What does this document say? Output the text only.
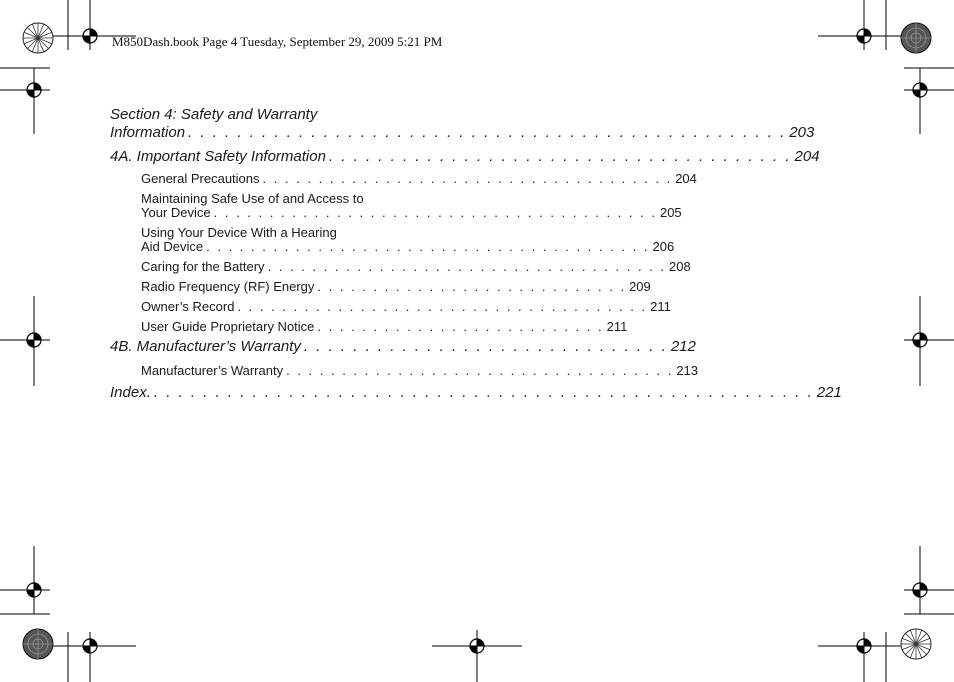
M850Dash.book Page 4 Tuesday, September 29, 2009 5:21 PM
Section 4: Safety and Warranty
Information . . . . . . . . . . . . . . . . . . . . . . . . . . . . . . . . . . . . . . . . . . . . . . . . . 203
4A. Important Safety Information . . . . . . . . . . . . . . . . . . . . . . . . . . . . . . . . . . . . . . 204
General Precautions . . . . . . . . . . . . . . . . . . . . . . . . . . . . . . . . . . . . . 204
Maintaining Safe Use of and Access to
Your Device . . . . . . . . . . . . . . . . . . . . . . . . . . . . . . . . . . . . . . . . 205
Using Your Device With a Hearing
Aid Device . . . . . . . . . . . . . . . . . . . . . . . . . . . . . . . . . . . . . . . . 206
Caring for the Battery . . . . . . . . . . . . . . . . . . . . . . . . . . . . . . . . . . . . 208
Radio Frequency (RF) Energy . . . . . . . . . . . . . . . . . . . . . . . . . . . . 209
Owner’s Record . . . . . . . . . . . . . . . . . . . . . . . . . . . . . . . . . . . . . 211
User Guide Proprietary Notice . . . . . . . . . . . . . . . . . . . . . . . . . . 211
4B. Manufacturer’s Warranty . . . . . . . . . . . . . . . . . . . . . . . . . . . . . . 212
Manufacturer’s Warranty . . . . . . . . . . . . . . . . . . . . . . . . . . . . . . . . . . . 213
Index. . . . . . . . . . . . . . . . . . . . . . . . . . . . . . . . . . . . . . . . . . . . . . . . . . . . . . . 221
